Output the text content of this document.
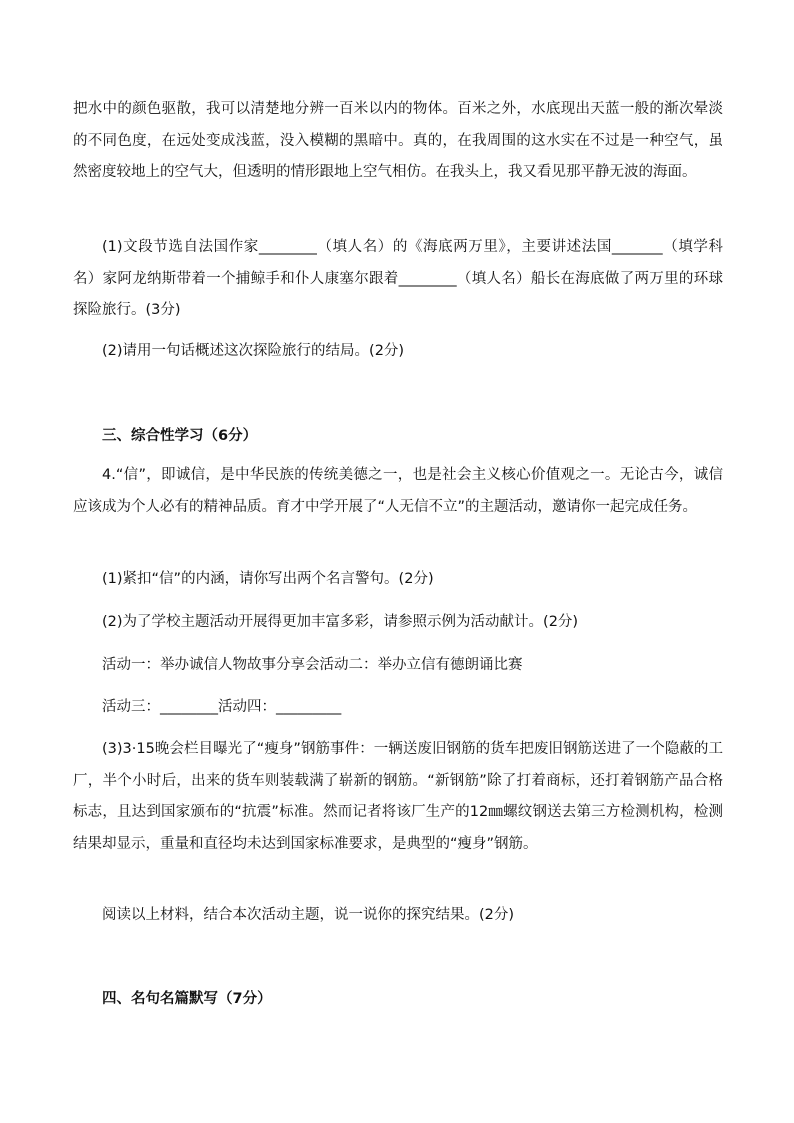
把水中的颜色驱散，我可以清楚地分辨一百米以内的物体。百米之外，水底现出天蓝一般的渐次晕淡的不同色度，在远处变成浅蓝，没入模糊的黑暗中。真的，在我周围的这水实在不过是一种空气，虽然密度较地上的空气大，但透明的情形跟地上空气相仿。在我头上，我又看见那平静无波的海面。
(1)文段节选自法国作家________（填人名）的《海底两万里》，主要讲述法国_______（填学科名）家阿龙纳斯带着一个捕鲸手和仆人康塞尔跟着________（填人名）船长在海底做了两万里的环球探险旅行。(3分)
(2)请用一句话概述这次探险旅行的结局。(2分)
三、综合性学习（6分）
4.“信”，即诚信，是中华民族的传统美德之一，也是社会主义核心价值观之一。无论古今，诚信应该成为个人必有的精神品质。育才中学开展了“人无信不立”的主题活动，邀请你一起完成任务。
(1)紧扣“信”的内涵，请你写出两个名言警句。(2分)
(2)为了学校主题活动开展得更加丰富多彩，请参照示例为活动献计。(2分)
活动一：举办诚信人物故事分享会活动二：举办立信有德朗诵比赛
活动三：________活动四：_________
(3)3·15晚会栏目曝光了“瘦身”钢筋事件：一辆送废旧钢筋的货车把废旧钢筋送进了一个隐蔽的工厂，半个小时后，出来的货车则装载满了崭新的钢筋。“新钢筋”除了打着商标，还打着钢筋产品合格标志，且达到国家颁布的“抗震”标准。然而记者将该厂生产的12㎜螺纹钢送去第三方检测机构，检测结果却显示，重量和直径均未达到国家标准要求，是典型的“瘦身”钢筋。
阅读以上材料，结合本次活动主题，说一说你的探究结果。(2分)
四、名句名篇默写（7分）
